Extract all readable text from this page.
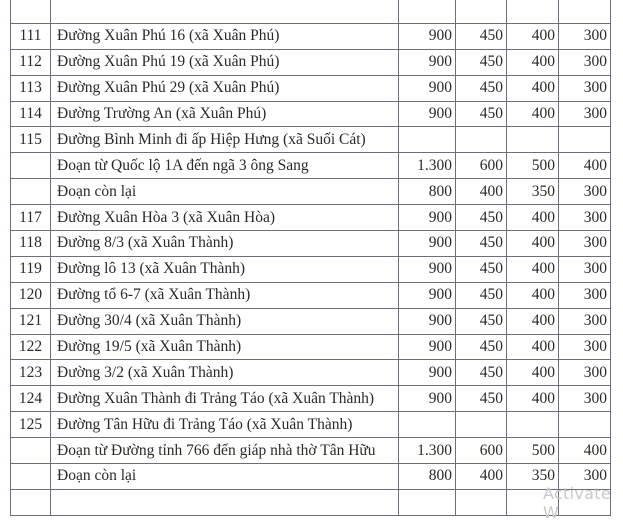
111	Đường Xuân Phú 16 (xã Xuân Phú)	900	450	400	300
112	Đường Xuân Phú 19 (xã Xuân Phú)	900	450	400	300
113	Đường Xuân Phú 29 (xã Xuân Phú)	900	450	400	300
114	Đường Trường An (xã Xuân Phú)	900	450	400	300
115	Đường Bình Minh đi ấp Hiệp Hưng (xã Suối Cát)				
	Đoạn từ Quốc lộ 1A đến ngã 3 ông Sang	1.300	600	500	400
	Đoạn còn lại	800	400	350	300
117	Đường Xuân Hòa 3 (xã Xuân Hòa)	900	450	400	300
118	Đường 8/3 (xã Xuân Thành)	900	450	400	300
119	Đường lô 13 (xã Xuân Thành)	900	450	400	300
120	Đường tổ 6-7 (xã Xuân Thành)	900	450	400	300
121	Đường 30/4 (xã Xuân Thành)	900	450	400	300
122	Đường 19/5 (xã Xuân Thành)	900	450	400	300
123	Đường 3/2 (xã Xuân Thành)	900	450	400	300
124	Đường Xuân Thành đi Trảng Táo (xã Xuân Thành)	900	450	400	300
125	Đường Tân Hữu đi Trảng Táo (xã Xuân Thành)				
	Đoạn từ Đường tỉnh 766 đến giáp nhà thờ Tân Hữu	1.300	600	500	400
	Đoạn còn lại	800	400	350	300

Activate W
